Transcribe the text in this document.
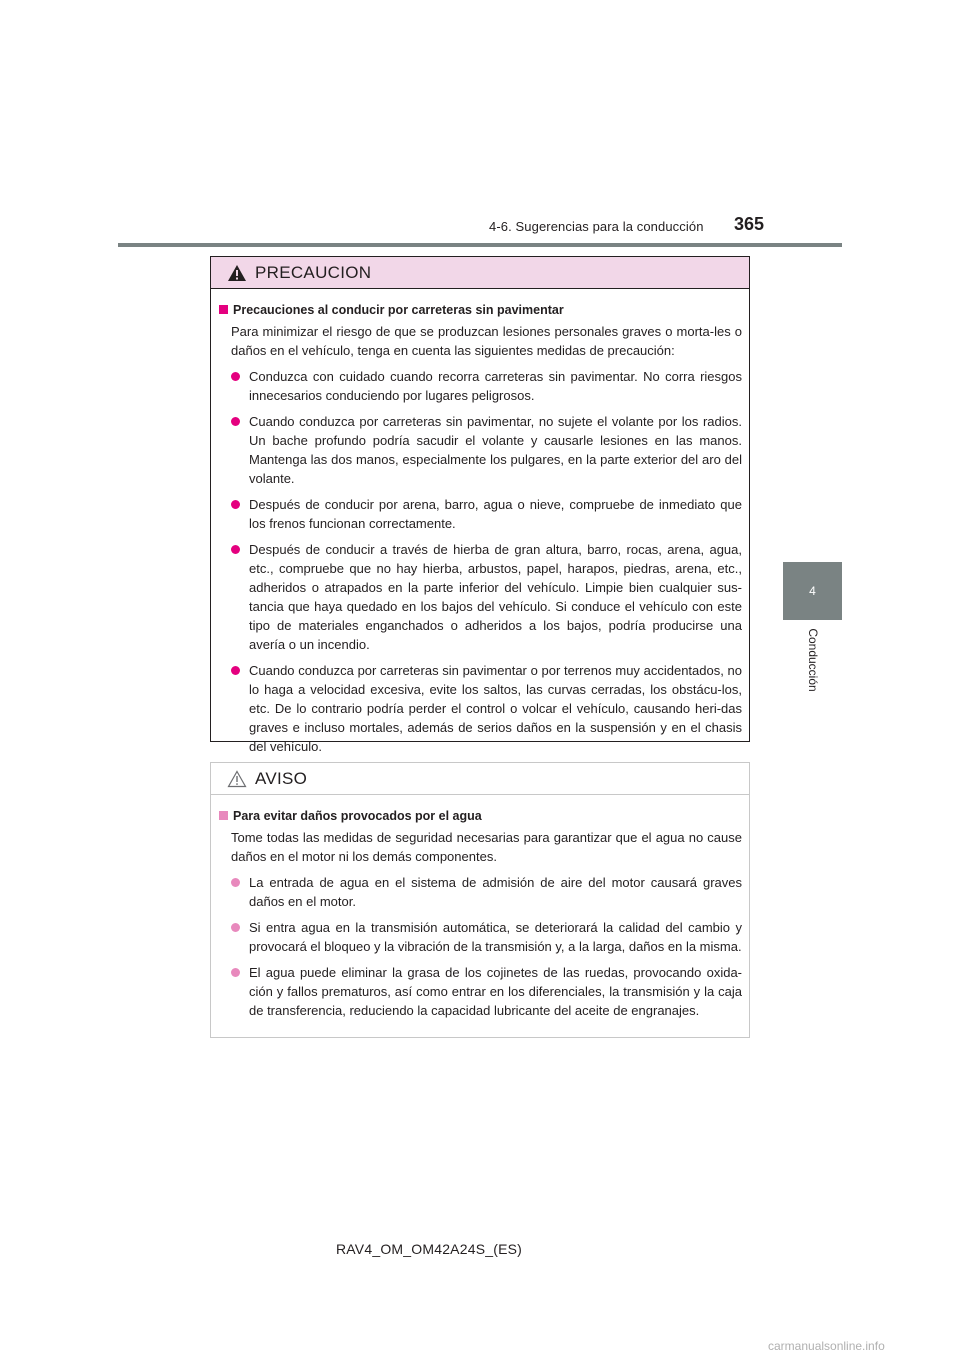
4-6. Sugerencias para la conducción 365
4
Conducción
PRECAUCION
Precauciones al conducir por carreteras sin pavimentar
Para minimizar el riesgo de que se produzcan lesiones personales graves o morta-les o daños en el vehículo, tenga en cuenta las siguientes medidas de precaución:
Conduzca con cuidado cuando recorra carreteras sin pavimentar. No corra riesgos innecesarios conduciendo por lugares peligrosos.
Cuando conduzca por carreteras sin pavimentar, no sujete el volante por los radios. Un bache profundo podría sacudir el volante y causarle lesiones en las manos. Mantenga las dos manos, especialmente los pulgares, en la parte exterior del aro del volante.
Después de conducir por arena, barro, agua o nieve, compruebe de inmediato que los frenos funcionan correctamente.
Después de conducir a través de hierba de gran altura, barro, rocas, arena, agua, etc., compruebe que no hay hierba, arbustos, papel, harapos, piedras, arena, etc., adheridos o atrapados en la parte inferior del vehículo. Limpie bien cualquier sus-tancia que haya quedado en los bajos del vehículo. Si conduce el vehículo con este tipo de materiales enganchados o adheridos a los bajos, podría producirse una avería o un incendio.
Cuando conduzca por carreteras sin pavimentar o por terrenos muy accidentados, no lo haga a velocidad excesiva, evite los saltos, las curvas cerradas, los obstácu-los, etc. De lo contrario podría perder el control o volcar el vehículo, causando heri-das graves e incluso mortales, además de serios daños en la suspensión y en el chasis del vehículo.
AVISO
Para evitar daños provocados por el agua
Tome todas las medidas de seguridad necesarias para garantizar que el agua no cause daños en el motor ni los demás componentes.
La entrada de agua en el sistema de admisión de aire del motor causará graves daños en el motor.
Si entra agua en la transmisión automática, se deteriorará la calidad del cambio y provocará el bloqueo y la vibración de la transmisión y, a la larga, daños en la misma.
El agua puede eliminar la grasa de los cojinetes de las ruedas, provocando oxida-ción y fallos prematuros, así como entrar en los diferenciales, la transmisión y la caja de transferencia, reduciendo la capacidad lubricante del aceite de engranajes.
RAV4_OM_OM42A24S_(ES)
carmanualsonline.info
